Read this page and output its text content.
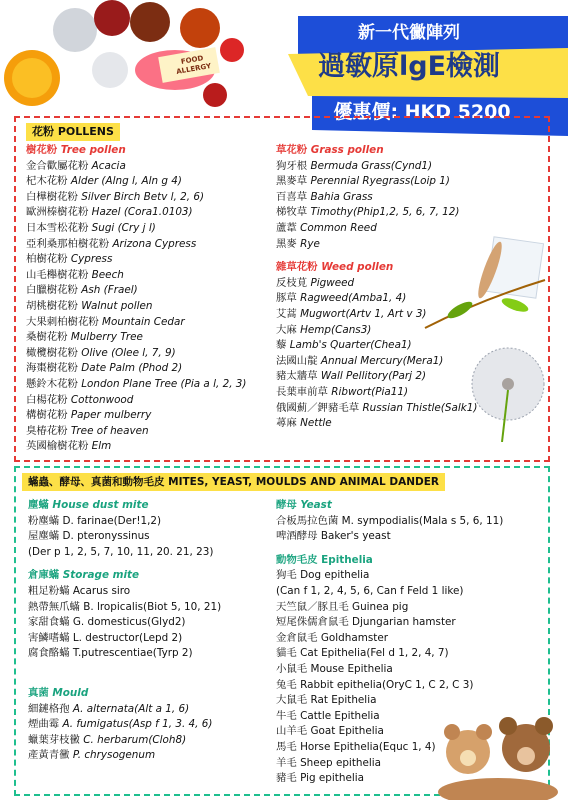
FOOD ALLERGY
新一代黴陣列
過敏原lgE檢測
優惠價: HKD 5200
花粉 POLLENS
樹花粉 Tree pollen
金合歡屬花粉 Acacia
杞木花粉 Alder (Alng l, Aln g 4)
白樺樹花粉 Silver Birch Betv l, 2, 6)
歐洲榛樹花粉 Hazel (Cora1.0103)
日本雪松花粉 Sugi (Cry j l)
亞利桑那柏樹花粉 Arizona Cypress
柏樹花粉 Cypress
山毛櫸樹花粉 Beech
白臘樹花粉 Ash (Frael)
胡桃樹花粉 Walnut pollen
大果刺柏樹花粉 Mountain Cedar
桑樹花粉 Mulberry Tree
橄欖樹花粉 Olive (Olee l, 7, 9)
海棗樹花粉 Date Palm (Phod 2)
懸鈴木花粉 London Plane Tree (Pia a l, 2, 3)
白楊花粉 Cottonwood
構樹花粉 Paper mulberry
臭椿花粉 Tree of heaven
英國榆樹花粉 Elm
草花粉 Grass pollen
狗牙根 Bermuda Grass(Cynd1)
黑麥草 Perennial Ryegrass(Loip 1)
百喜草 Bahia Grass
梯牧草 Timothy(Phip1,2, 5, 6, 7, 12)
蘆葦 Common Reed
黑麥 Rye
雜草花粉 Weed pollen
反枝莧 Pigweed
豚草 Ragweed(Amba1, 4)
艾蒿 Mugwort(Artv 1, Art v 3)
大麻 Hemp(Cans3)
藜 Lamb's Quarter(Chea1)
法國山靛 Annual Mercury(Mera1)
豬太牆草 Wall Pellitory(Parj 2)
長葉車前草 Ribwort(Pia11)
俄國薊／鉀豬毛草 Russian Thistle(Salk1)
蕁麻 Nettle
蟎蟲、酵母、真菌和動物毛皮 MITES, YEAST, MOULDS AND ANIMAL DANDER
塵蟎 House dust mite
粉塵蟎 D. farinae(Der!1,2)
屋塵蟎 D. pteronyssinus
(Der p 1, 2, 5, 7, 10, 11, 20. 21, 23)
倉庫蟎 Storage mite
粗足粉蟎 Acarus siro
熱帶無爪蟎 B. lropicalis(Biot 5, 10, 21)
家甜食蟎 G. domesticus(Glyd2)
害鱗嗜蟎 L. destructor(Lepd 2)
腐食酪蟎 T.putrescentiae(Tyrp 2)
真菌 Mould
細鏈格孢 A. alternata(Alt a 1, 6)
煙曲霉 A. fumigatus(Asp f 1, 3. 4, 6)
蠟葉芽枝黴 C. herbarum(Cloh8)
產黃青黴 P. chrysogenum
酵母 Yeast
合板馬拉色菌 M. sympodialis(Mala s 5, 6, 11)
啤酒酵母 Baker's yeast
動物毛皮 Epithelia
狗毛 Dog epithelia
(Can f 1, 2, 4, 5, 6, Can f Feld 1 like)
天竺鼠／豚且毛 Guinea pig
短尾侏儒倉鼠毛 Djungarian hamster
金倉鼠毛 Goldhamster
貓毛 Cat Epithelia(Fel d 1, 2, 4, 7)
小鼠毛 Mouse Epithelia
兔毛 Rabbit epithelia(OryC 1, C 2, C 3)
大鼠毛 Rat Epithelia
牛毛 Cattle Epithelia
山羊毛 Goat Epithelia
馬毛 Horse Epithelia(Equc 1, 4)
羊毛 Sheep epithelia
豬毛 Pig epithelia
